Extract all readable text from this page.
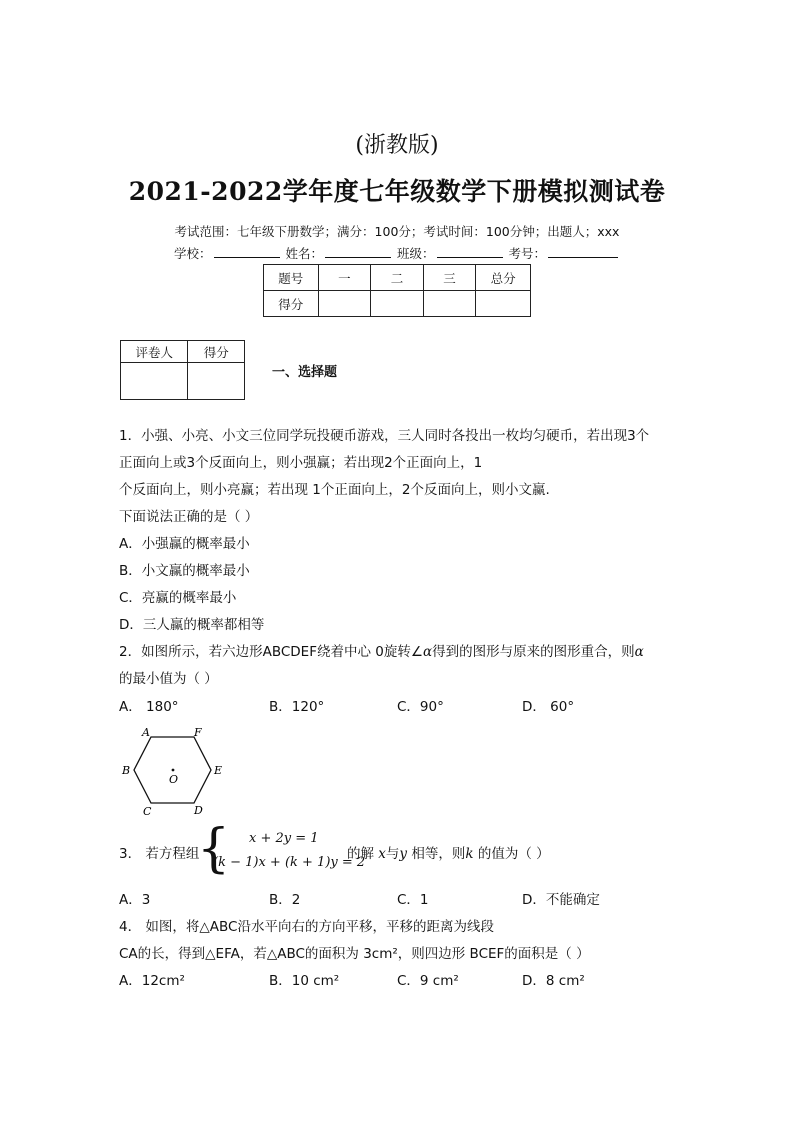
(浙教版)
2021-2022学年度七年级数学下册模拟测试卷
考试范围：七年级下册数学；满分：100分；考试时间：100分钟；出题人；xxx
学校：	姓名：	班级：	考号：
题号	一	二	三	总分
得分				
评卷人	得分

一、选择题
1．小强、小亮、小文三位同学玩投硬币游戏，三人同时各投出一枚均匀硬币，若出现3个
正面向上或3个反面向上，则小强赢；若出现2个正面向上，1
个反面向上，则小亮赢；若出现 1个正面向上，2个反面向上，则小文赢.
下面说法正确的是（ ）
A．小强赢的概率最小
B．小文赢的概率最小
C．亮赢的概率最小
D．三人赢的概率都相等
2．如图所示，若六边形ABCDEF绕着中心 0旋转∠α得到的图形与原来的图形重合，则α
的最小值为（ ）
A． 180°	B．120°	C．90°	D． 60°
A	F
B	E
C	D
O
3． 若方程组
{ x + 2y = 1
(k − 1)x + (k + 1)y = 2
的解 x与y 相等，则k 的值为（ ）
A．3	B．2	C．1	D．不能确定
4． 如图，将△ABC沿水平向右的方向平移，平移的距离为线段
CA的长，得到△EFA，若△ABC的面积为 3cm²，则四边形 BCEF的面积是（ ）
A．12cm²	B．10 cm²	C．9 cm²	D．8 cm²
